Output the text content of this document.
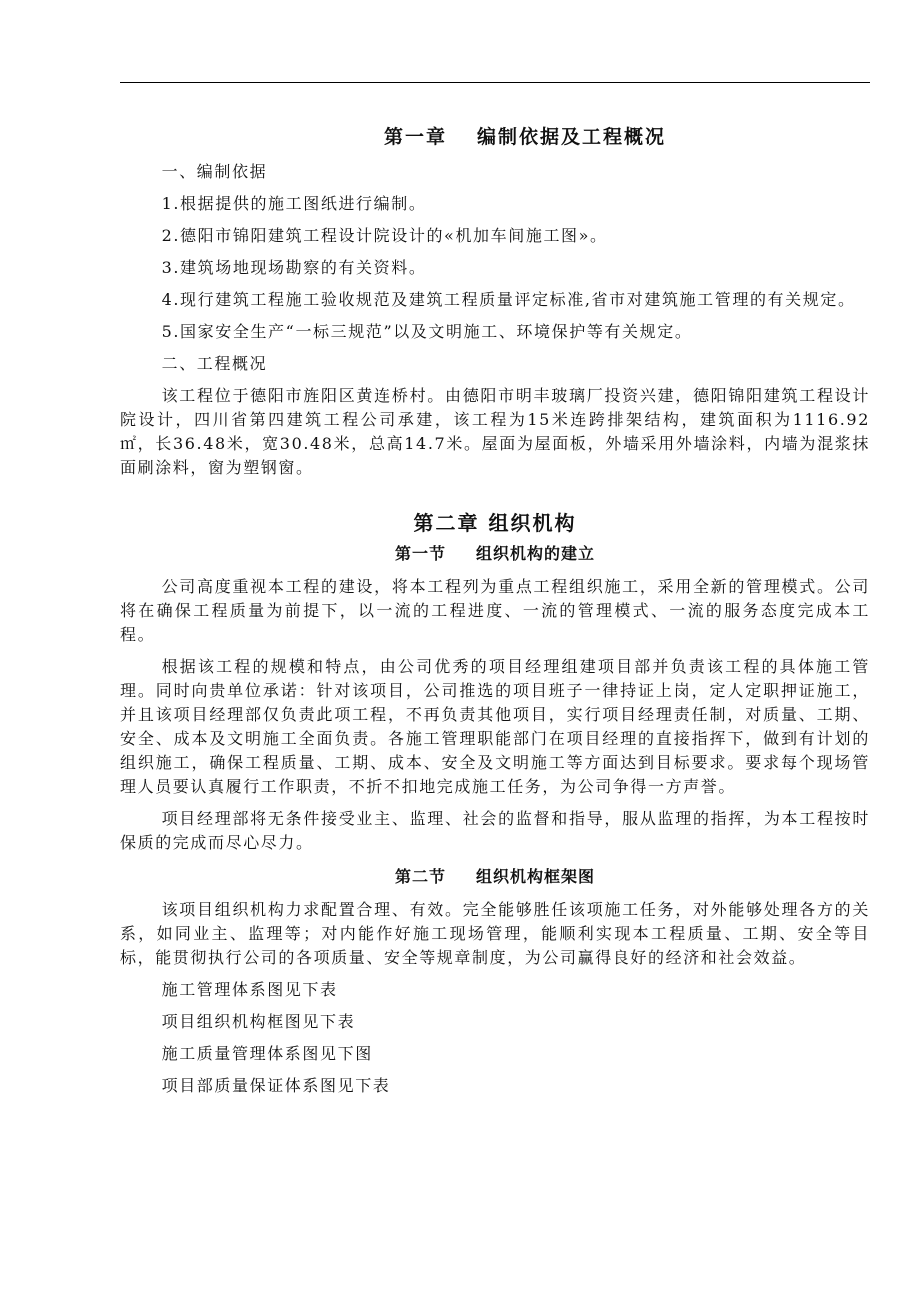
第一章 编制依据及工程概况
一、编制依据

1.根据提供的施工图纸进行编制。

2.德阳市锦阳建筑工程设计院设计的«机加车间施工图»。

3.建筑场地现场勘察的有关资料。

4.现行建筑工程施工验收规范及建筑工程质量评定标准,省市对建筑施工管理的有关规定。

5.国家安全生产“一标三规范”以及文明施工、环境保护等有关规定。

二、工程概况

该工程位于德阳市旌阳区黄连桥村。由德阳市明丰玻璃厂投资兴建，德阳锦阳建筑工程设计院设计，四川省第四建筑工程公司承建，该工程为15米连跨排架结构，建筑面积为1116.92㎡，长36.48米，宽30.48米，总高14.7米。屋面为屋面板，外墙采用外墙涂料，内墙为混浆抹面刷涂料，窗为塑钢窗。

第二章 组织机构
第一节 组织机构的建立

公司高度重视本工程的建设，将本工程列为重点工程组织施工，采用全新的管理模式。公司将在确保工程质量为前提下，以一流的工程进度、一流的管理模式、一流的服务态度完成本工程。

根据该工程的规模和特点，由公司优秀的项目经理组建项目部并负责该工程的具体施工管理。同时向贵单位承诺：针对该项目，公司推选的项目班子一律持证上岗，定人定职押证施工，并且该项目经理部仅负责此项工程，不再负责其他项目，实行项目经理责任制，对质量、工期、安全、成本及文明施工全面负责。各施工管理职能部门在项目经理的直接指挥下，做到有计划的组织施工，确保工程质量、工期、成本、安全及文明施工等方面达到目标要求。要求每个现场管理人员要认真履行工作职责，不折不扣地完成施工任务，为公司争得一方声誉。

项目经理部将无条件接受业主、监理、社会的监督和指导，服从监理的指挥，为本工程按时保质的完成而尽心尽力。

第二节 组织机构框架图

该项目组织机构力求配置合理、有效。完全能够胜任该项施工任务，对外能够处理各方的关系，如同业主、监理等；对内能作好施工现场管理，能顺利实现本工程质量、工期、安全等目标，能贯彻执行公司的各项质量、安全等规章制度，为公司赢得良好的经济和社会效益。

施工管理体系图见下表

项目组织机构框图见下表

施工质量管理体系图见下图

项目部质量保证体系图见下表
